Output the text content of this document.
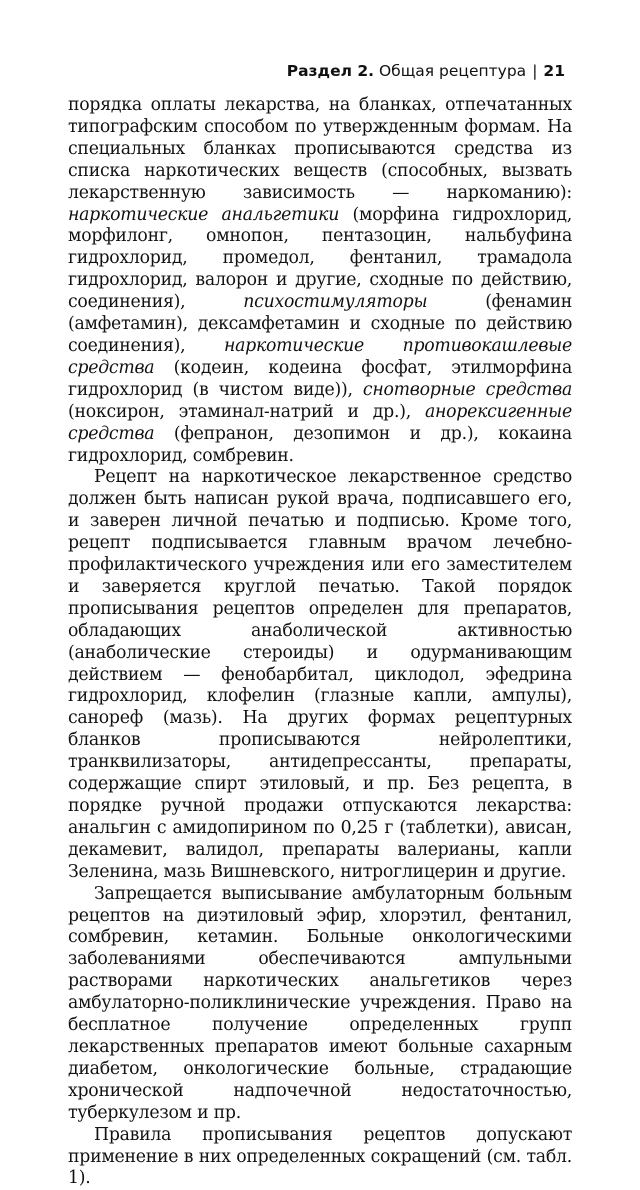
Раздел 2. Общая рецептура | 21

порядка оплаты лекарства, на бланках, отпечатанных типографским способом по утвержденным формам. На специальных бланках прописываются средства из списка наркотических веществ (способных, вызвать лекарственную зависимость — наркоманию): наркотические анальгетики (морфина гидрохлорид, морфилонг, омнопон, пентазоцин, нальбуфина гидрохлорид, промедол, фентанил, трамадола гидрохлорид, валорон и другие, сходные по действию, соединения), психостимуляторы (фенамин (амфетамин), дексамфетамин и сходные по действию соединения), наркотические противокашлевые средства (кодеин, кодеина фосфат, этилморфина гидрохлорид (в чистом виде)), снотворные средства (ноксирон, этаминал-натрий и др.), анорексигенные средства (фепранон, дезопимон и др.), кокаина гидрохлорид, сомбревин.

Рецепт на наркотическое лекарственное средство должен быть написан рукой врача, подписавшего его, и заверен личной печатью и подписью. Кроме того, рецепт подписывается главным врачом лечебно-профилактического учреждения или его заместителем и заверяется круглой печатью. Такой порядок прописывания рецептов определен для препаратов, обладающих анаболической активностью (анаболические стероиды) и одурманивающим действием — фенобарбитал, циклодол, эфедрина гидрохлорид, клофелин (глазные капли, ампулы), санореф (мазь). На других формах рецептурных бланков прописываются нейролептики, транквилизаторы, антидепрессанты, препараты, содержащие спирт этиловый, и пр. Без рецепта, в порядке ручной продажи отпускаются лекарства: анальгин с амидопирином по 0,25 г (таблетки), ависан, декамевит, валидол, препараты валерианы, капли Зеленина, мазь Вишневского, нитроглицерин и другие.

Запрещается выписывание амбулаторным больным рецептов на диэтиловый эфир, хлорэтил, фентанил, сомбревин, кетамин. Больные онкологическими заболеваниями обеспечиваются ампульными растворами наркотических анальгетиков через амбулаторно-поликлинические учреждения. Право на бесплатное получение определенных групп лекарственных препаратов имеют больные сахарным диабетом, онкологические больные, страдающие хронической надпочечной недостаточностью, туберкулезом и пр.

Правила прописывания рецептов допускают применение в них определенных сокращений (см. табл. 1).
